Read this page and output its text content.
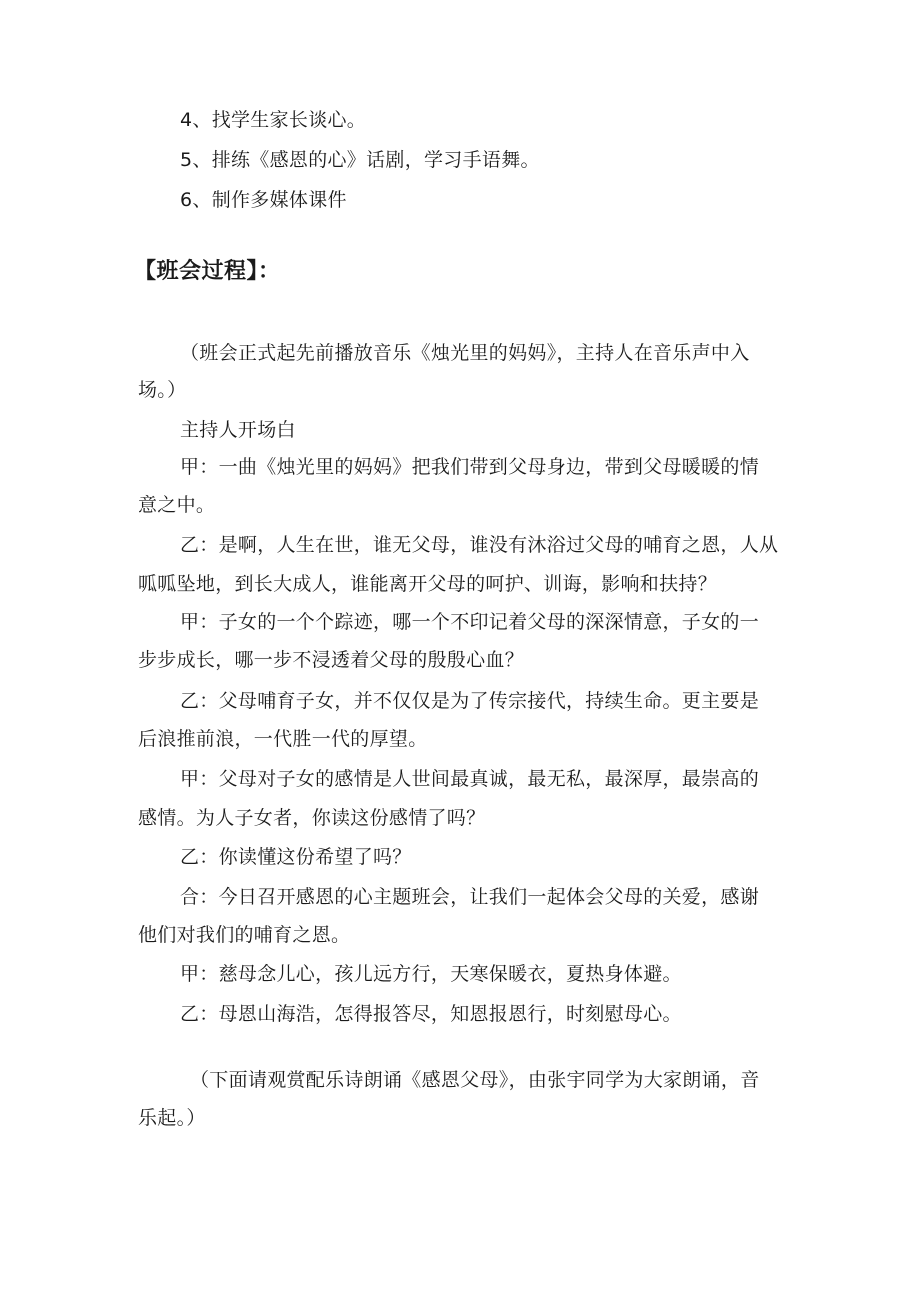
4、找学生家长谈心。
5、排练《感恩的心》话剧，学习手语舞。
6、制作多媒体课件
【班会过程】：
（班会正式起先前播放音乐《烛光里的妈妈》，主持人在音乐声中入
场。）
主持人开场白
甲：一曲《烛光里的妈妈》把我们带到父母身边，带到父母暖暖的情
意之中。
乙：是啊，人生在世，谁无父母，谁没有沐浴过父母的哺育之恩，人从
呱呱坠地，到长大成人，谁能离开父母的呵护、训诲，影响和扶持？
甲：子女的一个个踪迹，哪一个不印记着父母的深深情意，子女的一
步步成长，哪一步不浸透着父母的殷殷心血？
乙：父母哺育子女，并不仅仅是为了传宗接代，持续生命。更主要是
后浪推前浪，一代胜一代的厚望。
甲：父母对子女的感情是人世间最真诚，最无私，最深厚，最崇高的
感情。为人子女者，你读这份感情了吗？
乙：你读懂这份希望了吗？
合：今日召开感恩的心主题班会，让我们一起体会父母的关爱，感谢
他们对我们的哺育之恩。
甲：慈母念儿心，孩儿远方行，天寒保暖衣，夏热身体避。
乙：母恩山海浩，怎得报答尽，知恩报恩行，时刻慰母心。
（下面请观赏配乐诗朗诵《感恩父母》，由张宇同学为大家朗诵，音
乐起。）
